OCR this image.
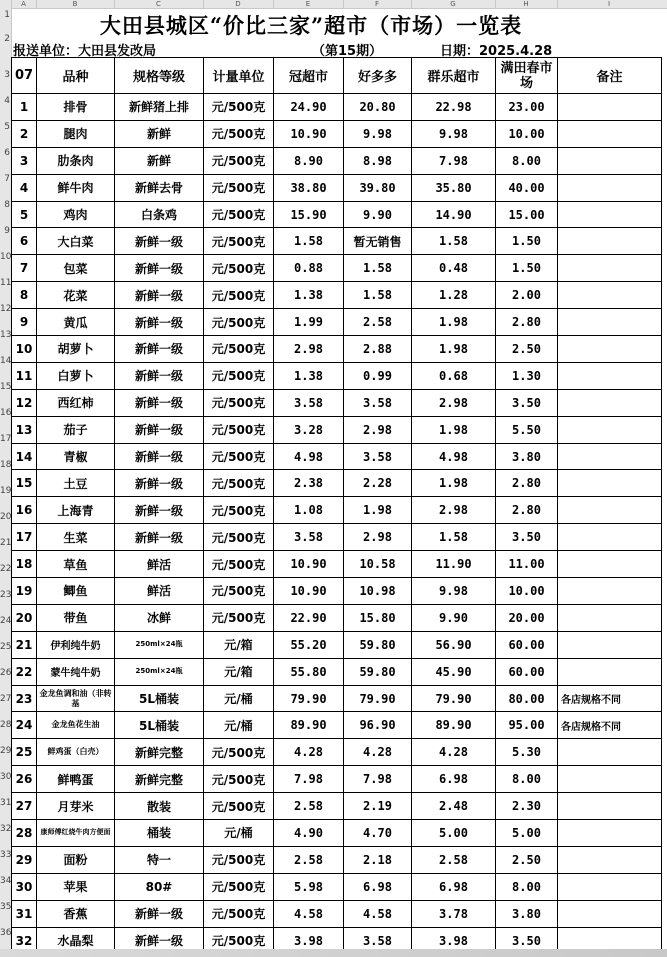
A	B	C	D	E	F	G	H	I
1
2
3
4
5
6
7
8
9
10
11
12
13
14
15
16
17
18
19
20
21
22
23
24
25
26
27
28
29
30
31
32
33
34
35
36
大田县城区“价比三家”超市（市场）一览表
报送单位：大田县发改局	（第15期）	日期：2025.4.28
07	品种	规格等级	计量单位	冠超市	好多多	群乐超市	满田春市场	备注
1	排骨	新鲜猪上排	元/500克	24.90	20.80	22.98	23.00	
2	腿肉	新鲜	元/500克	10.90	9.98	9.98	10.00	
3	肋条肉	新鲜	元/500克	8.90	8.98	7.98	8.00	
4	鲜牛肉	新鲜去骨	元/500克	38.80	39.80	35.80	40.00	
5	鸡肉	白条鸡	元/500克	15.90	9.90	14.90	15.00	
6	大白菜	新鲜一级	元/500克	1.58	暂无销售	1.58	1.50	
7	包菜	新鲜一级	元/500克	0.88	1.58	0.48	1.50	
8	花菜	新鲜一级	元/500克	1.38	1.58	1.28	2.00	
9	黄瓜	新鲜一级	元/500克	1.99	2.58	1.98	2.80	
10	胡萝卜	新鲜一级	元/500克	2.98	2.88	1.98	2.50	
11	白萝卜	新鲜一级	元/500克	1.38	0.99	0.68	1.30	
12	西红柿	新鲜一级	元/500克	3.58	3.58	2.98	3.50	
13	茄子	新鲜一级	元/500克	3.28	2.98	1.98	5.50	
14	青椒	新鲜一级	元/500克	4.98	3.58	4.98	3.80	
15	土豆	新鲜一级	元/500克	2.38	2.28	1.98	2.80	
16	上海青	新鲜一级	元/500克	1.08	1.98	2.98	2.80	
17	生菜	新鲜一级	元/500克	3.58	2.98	1.58	3.50	
18	草鱼	鲜活	元/500克	10.90	10.58	11.90	11.00	
19	鲫鱼	鲜活	元/500克	10.90	10.98	9.98	10.00	
20	带鱼	冰鲜	元/500克	22.90	15.80	9.90	20.00	
21	伊利纯牛奶	250ml×24瓶	元/箱	55.20	59.80	56.90	60.00	
22	蒙牛纯牛奶	250ml×24瓶	元/箱	55.80	59.80	45.90	60.00	
23	金龙鱼调和油（非转基	5L桶装	元/桶	79.90	79.90	79.90	80.00	各店规格不同
24	金龙鱼花生油	5L桶装	元/桶	89.90	96.90	89.90	95.00	各店规格不同
25	鲜鸡蛋（白壳）	新鲜完整	元/500克	4.28	4.28	4.28	5.30	
26	鲜鸭蛋	新鲜完整	元/500克	7.98	7.98	6.98	8.00	
27	月芽米	散装	元/500克	2.58	2.19	2.48	2.30	
28	康师傅红烧牛肉方便面	桶装	元/桶	4.90	4.70	5.00	5.00	
29	面粉	特一	元/500克	2.58	2.18	2.58	2.50	
30	苹果	80#	元/500克	5.98	6.98	6.98	8.00	
31	香蕉	新鲜一级	元/500克	4.58	4.58	3.78	3.80	
32	水晶梨	新鲜一级	元/500克	3.98	3.58	3.98	3.50	
